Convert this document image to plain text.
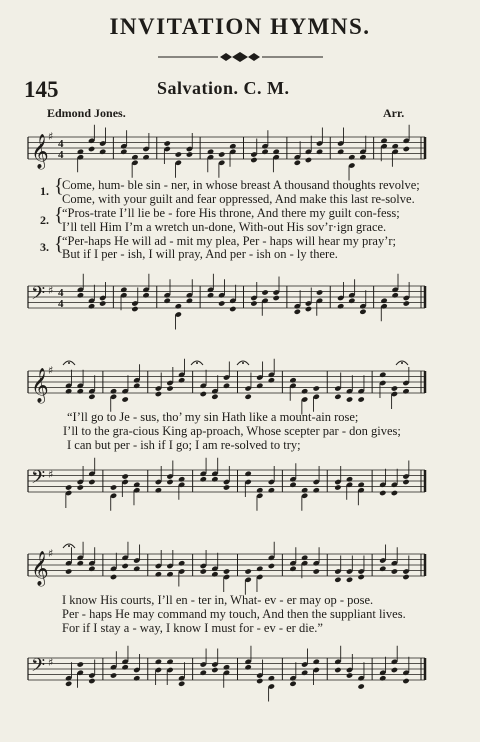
INVITATION HYMNS.
145	Salvation. C. M.
Edmond Jones.	Arr.
𝄞 ♯
4
4
𝄢 ♯ 4
4
1.
2.
3.
{
{
{
Come, hum- ble sin - ner, in whose breast A thousand thoughts revolve;
Come, with your guilt and fear oppressed, And make this last re-solve.
“Pros-trate I’ll lie be - fore His throne, And there my guilt con-fess;
I’ll tell Him I’m a wretch un-done, With-out His sov’r·ign grace.
“Per-haps He will ad - mit my plea, Per - haps will hear my pray’r;
But if I per - ish, I will pray, And per - ish on - ly there.
𝄞 ♯
𝄢 ♯
“I’ll go to Je - sus, tho’ my sin Hath like a mount-ain rose;
I’ll to the gra-cious King ap-proach, Whose scepter par - don gives;
I can but per - ish if I go; I am re-solved to try;
𝄞 ♯
𝄢 ♯
I know His courts, I’ll en - ter in, What- ev - er may op - pose.
Per - haps He may command my touch, And then the suppliant lives.
For if I stay a - way, I know I must for - ev - er die.”
